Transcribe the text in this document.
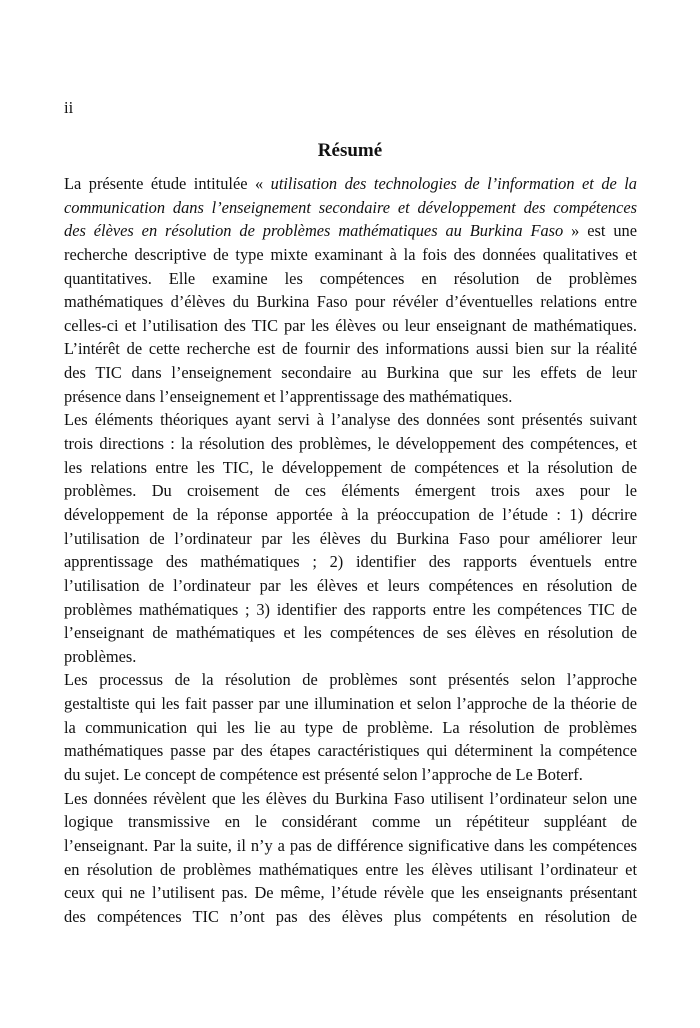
ii
Résumé
La présente étude intitulée « utilisation des technologies de l’information et de la
communication dans l’enseignement secondaire et développement des compétences
des élèves en résolution de problèmes mathématiques au Burkina Faso » est une
recherche descriptive de type mixte examinant à la fois des données qualitatives et
quantitatives. Elle examine les compétences en résolution de problèmes
mathématiques d’élèves du Burkina Faso pour révéler d’éventuelles relations entre
celles-ci et l’utilisation des TIC par les élèves ou leur enseignant de mathématiques.
L’intérêt de cette recherche est de fournir des informations aussi bien sur la réalité
des TIC dans l’enseignement secondaire au Burkina que sur les effets de leur
présence dans l’enseignement et l’apprentissage des mathématiques.
Les éléments théoriques ayant servi à l’analyse des données sont présentés suivant
trois directions : la résolution des problèmes, le développement des compétences, et
les relations entre les TIC, le développement de compétences et la résolution de
problèmes. Du croisement de ces éléments émergent trois axes pour le
développement de la réponse apportée à la préoccupation de l’étude : 1) décrire
l’utilisation de l’ordinateur par les élèves du Burkina Faso pour améliorer leur
apprentissage des mathématiques ; 2) identifier des rapports éventuels entre
l’utilisation de l’ordinateur par les élèves et leurs compétences en résolution de
problèmes mathématiques ; 3) identifier des rapports entre les compétences TIC de
l’enseignant de mathématiques et les compétences de ses élèves en résolution de
problèmes.
Les processus de la résolution de problèmes sont présentés selon l’approche
gestaltiste qui les fait passer par une illumination et selon l’approche de la théorie de
la communication qui les lie au type de problème. La résolution de problèmes
mathématiques passe par des étapes caractéristiques qui déterminent la compétence
du sujet. Le concept de compétence est présenté selon l’approche de Le Boterf.
Les données révèlent que les élèves du Burkina Faso utilisent l’ordinateur selon une
logique transmissive en le considérant comme un répétiteur suppléant de
l’enseignant. Par la suite, il n’y a pas de différence significative dans les compétences
en résolution de problèmes mathématiques entre les élèves utilisant l’ordinateur et
ceux qui ne l’utilisent pas. De même, l’étude révèle que les enseignants présentant
des compétences TIC n’ont pas des élèves plus compétents en résolution de
